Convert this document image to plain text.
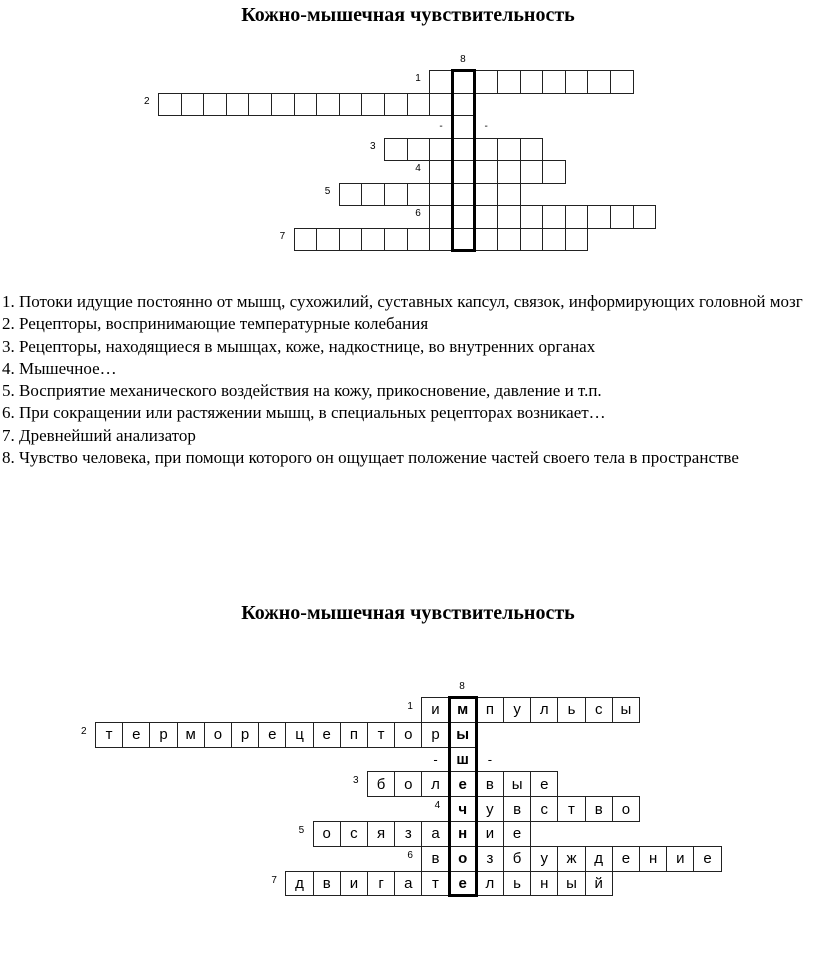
Кожно-мышечная чувствительность
1
2
-	-
3
4
5
6
7
8

1. Потоки идущие постоянно от мышц, сухожилий, суставных капсул, связок, информирующих головной мозг

2. Рецепторы, воспринимающие температурные колебания

3. Рецепторы, находящиеся в мышцах, коже, надкостнице, во внутренних органах

4. Мышечное…

5. Восприятие механического воздействия на кожу, прикосновение, давление и т.п.

6. При сокращении или растяжении мышц, в специальных рецепторах возникает…

7. Древнейший анализатор

8. Чувство человека, при помощи которого он ощущает положение частей своего тела в пространстве

Кожно-мышечная чувствительность
и	м	п	у	л	ь	с	ы
1
т	е	р	м	о	р	е	ц	е	п	т	о	р	ы
2
-	ш	-
б	о	л	е	в	ы	е
3
ч	у	в	с	т	в	о
4
о	с	я	з	а	н	и	е
5
в	о	з	б	у	ж	д	е	н	и	е
6
д	в	и	г	а	т	е	л	ь	н	ы	й
7
8
